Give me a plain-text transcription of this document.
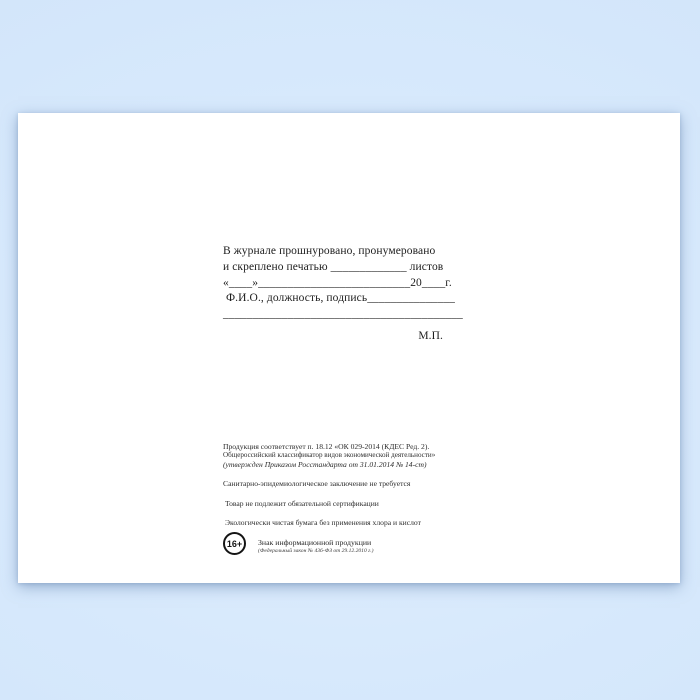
В журнале прошнуровано, пронумеровано
и скреплено печатью _____________ листов
«____»__________________________20____г.
Ф.И.О., должность, подпись_______________
_________________________________________
М.П.
Продукция соответствует п. 18.12 «ОК 029-2014 (КДЕС Ред. 2).
Общероссийский классификатор видов экономической деятельности»
(утвержден Приказом Росстандарта от 31.01.2014 № 14-ст)
Санитарно-эпидемиологическое заключение не требуется
Товар не подлежит обязательной сертификации
Экологически чистая бумага без применения хлора и кислот
16+	Знак информационной продукции
(Федеральный закон № 436-ФЗ от 29.12.2010 г.)
